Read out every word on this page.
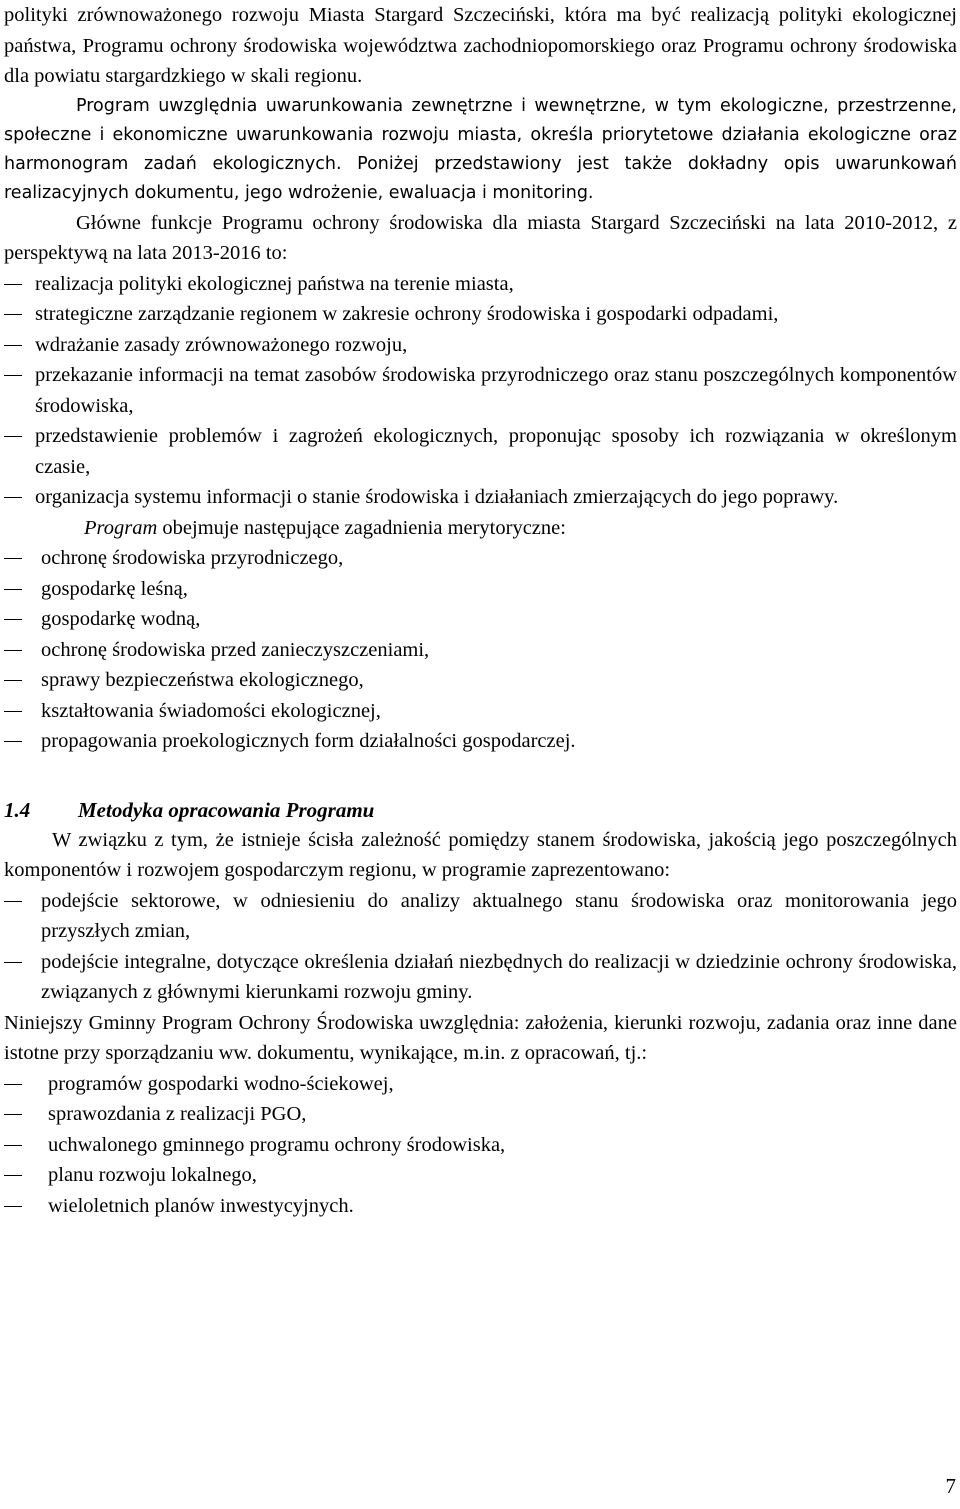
polityki zrównoważonego rozwoju Miasta Stargard Szczeciński, która ma być realizacją polityki ekologicznej państwa, Programu ochrony środowiska województwa zachodniopomorskiego oraz Programu ochrony środowiska dla powiatu stargardzkiego w skali regionu.

Program uwzględnia uwarunkowania zewnętrzne i wewnętrzne, w tym ekologiczne, przestrzenne, społeczne i ekonomiczne uwarunkowania rozwoju miasta, określa priorytetowe działania ekologiczne oraz harmonogram zadań ekologicznych. Poniżej przedstawiony jest także dokładny opis uwarunkowań realizacyjnych dokumentu, jego wdrożenie, ewaluacja i monitoring.

Główne funkcje Programu ochrony środowiska dla miasta Stargard Szczeciński na lata 2010-2012, z perspektywą na lata 2013-2016 to:

realizacja polityki ekologicznej państwa na terenie miasta,
strategiczne zarządzanie regionem w zakresie ochrony środowiska i gospodarki odpadami,
wdrażanie zasady zrównoważonego rozwoju,
przekazanie informacji na temat zasobów środowiska przyrodniczego oraz stanu poszczególnych komponentów środowiska,
przedstawienie problemów i zagrożeń ekologicznych, proponując sposoby ich rozwiązania w określonym czasie,
organizacja systemu informacji o stanie środowiska i działaniach zmierzających do jego poprawy.

Program obejmuje następujące zagadnienia merytoryczne:

ochronę środowiska przyrodniczego,
gospodarkę leśną,
gospodarkę wodną,
ochronę środowiska przed zanieczyszczeniami,
sprawy bezpieczeństwa ekologicznego,
kształtowania świadomości ekologicznej,
propagowania proekologicznych form działalności gospodarczej.
1.4	Metodyka opracowania Programu

W związku z tym, że istnieje ścisła zależność pomiędzy stanem środowiska, jakością jego poszczególnych komponentów i rozwojem gospodarczym regionu, w programie zaprezentowano:

podejście sektorowe, w odniesieniu do analizy aktualnego stanu środowiska oraz monitorowania jego przyszłych zmian,
podejście integralne, dotyczące określenia działań niezbędnych do realizacji w dziedzinie ochrony środowiska, związanych z głównymi kierunkami rozwoju gminy.

Niniejszy Gminny Program Ochrony Środowiska uwzględnia: założenia, kierunki rozwoju, zadania oraz inne dane istotne przy sporządzaniu ww. dokumentu, wynikające, m.in. z opracowań, tj.:

programów gospodarki wodno-ściekowej,
sprawozdania z realizacji PGO,
uchwalonego gminnego programu ochrony środowiska,
planu rozwoju lokalnego,
wieloletnich planów inwestycyjnych.
7
